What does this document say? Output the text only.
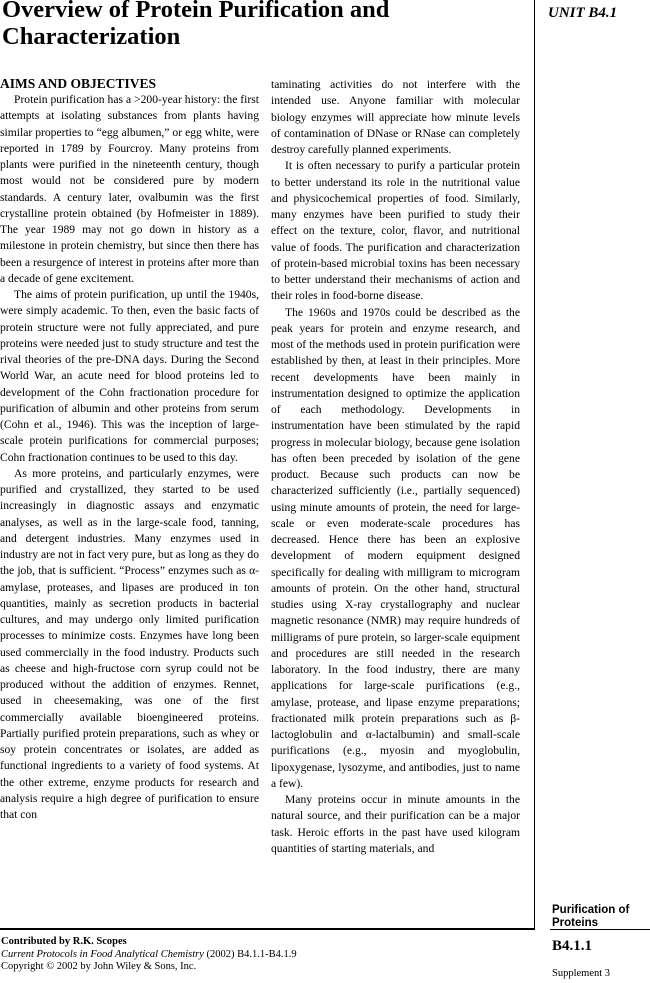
Overview of Protein Purification and Characterization
UNIT B4.1
AIMS AND OBJECTIVES

Protein purification has a >200-year history: the first attempts at isolating substances from plants having similar properties to “egg albumen,” or egg white, were reported in 1789 by Fourcroy. Many proteins from plants were purified in the nineteenth century, though most would not be considered pure by modern standards. A century later, ovalbumin was the first crystalline protein obtained (by Hofmeister in 1889). The year 1989 may not go down in history as a milestone in protein chemistry, but since then there has been a resurgence of interest in proteins after more than a decade of gene excitement.

The aims of protein purification, up until the 1940s, were simply academic. To then, even the basic facts of protein structure were not fully appreciated, and pure proteins were needed just to study structure and test the rival theories of the pre-DNA days. During the Second World War, an acute need for blood proteins led to development of the Cohn fractionation procedure for purification of albumin and other proteins from serum (Cohn et al., 1946). This was the inception of large-scale protein purifications for commercial purposes; Cohn fractionation continues to be used to this day.

As more proteins, and particularly enzymes, were purified and crystallized, they started to be used increasingly in diagnostic assays and enzymatic analyses, as well as in the large-scale food, tanning, and detergent industries. Many enzymes used in industry are not in fact very pure, but as long as they do the job, that is sufficient. “Process” enzymes such as α-amylase, proteases, and lipases are produced in ton quantities, mainly as secretion products in bacterial cultures, and may undergo only limited purification processes to minimize costs. Enzymes have long been used commercially in the food industry. Products such as cheese and high-fructose corn syrup could not be produced without the addition of enzymes. Rennet, used in cheesemaking, was one of the first commercially available bioengineered proteins. Partially purified protein preparations, such as whey or soy protein concentrates or isolates, are added as functional ingredients to a variety of food systems. At the other extreme, enzyme products for research and analysis require a high degree of purification to ensure that con

taminating activities do not interfere with the intended use. Anyone familiar with molecular biology enzymes will appreciate how minute levels of contamination of DNase or RNase can completely destroy carefully planned experiments.

It is often necessary to purify a particular protein to better understand its role in the nutritional value and physicochemical properties of food. Similarly, many enzymes have been purified to study their effect on the texture, color, flavor, and nutritional value of foods. The purification and characterization of protein-based microbial toxins has been necessary to better understand their mechanisms of action and their roles in food-borne disease.

The 1960s and 1970s could be described as the peak years for protein and enzyme research, and most of the methods used in protein purification were established by then, at least in their principles. More recent developments have been mainly in instrumentation designed to optimize the application of each methodology. Developments in instrumentation have been stimulated by the rapid progress in molecular biology, because gene isolation has often been preceded by isolation of the gene product. Because such products can now be characterized sufficiently (i.e., partially sequenced) using minute amounts of protein, the need for large-scale or even moderate-scale procedures has decreased. Hence there has been an explosive development of modern equipment designed specifically for dealing with milligram to microgram amounts of protein. On the other hand, structural studies using X-ray crystallography and nuclear magnetic resonance (NMR) may require hundreds of milligrams of pure protein, so larger-scale equipment and procedures are still needed in the research laboratory. In the food industry, there are many applications for large-scale purifications (e.g., amylase, protease, and lipase enzyme preparations; fractionated milk protein preparations such as β-lactoglobulin and α-lactalbumin) and small-scale purifications (e.g., myosin and myoglobulin, lipoxygenase, lysozyme, and antibodies, just to name a few).

Many proteins occur in minute amounts in the natural source, and their purification can be a major task. Heroic efforts in the past have used kilogram quantities of starting materials, and

Contributed by R.K. Scopes
Current Protocols in Food Analytical Chemistry (2002) B4.1.1-B4.1.9
Copyright © 2002 by John Wiley & Sons, Inc.
Purification of Proteins
B4.1.1
Supplement 3
